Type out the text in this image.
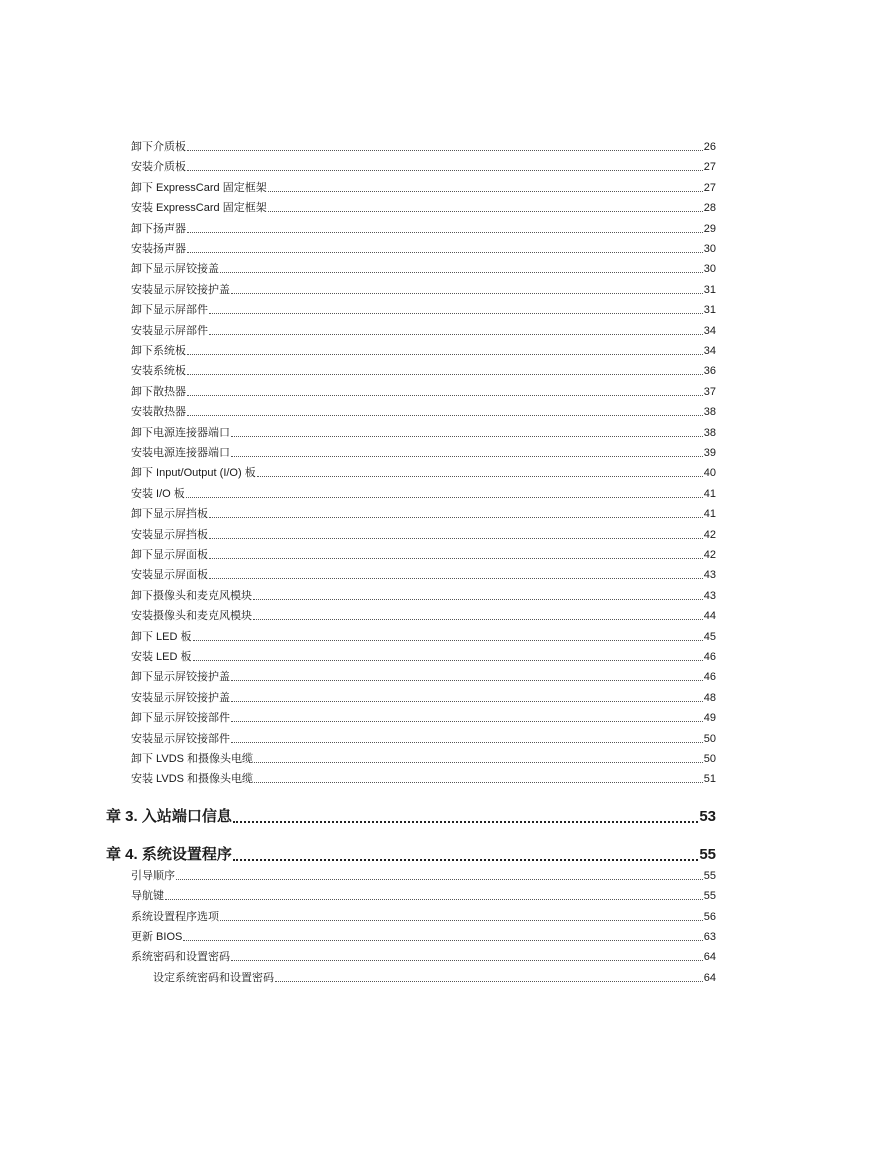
卸下介质板	26
安装介质板	27
卸下 ExpressCard 固定框架	27
安装 ExpressCard 固定框架	28
卸下扬声器	29
安装扬声器	30
卸下显示屏铰接盖	30
安装显示屏铰接护盖	31
卸下显示屏部件	31
安装显示屏部件	34
卸下系统板	34
安装系统板	36
卸下散热器	37
安装散热器	38
卸下电源连接器端口	38
安装电源连接器端口	39
卸下 Input/Output (I/O) 板	40
安装 I/O 板	41
卸下显示屏挡板	41
安装显示屏挡板	42
卸下显示屏面板	42
安装显示屏面板	43
卸下摄像头和麦克风模块	43
安装摄像头和麦克风模块	44
卸下 LED 板	45
安装 LED 板	46
卸下显示屏铰接护盖	46
安装显示屏铰接护盖	48
卸下显示屏铰接部件	49
安装显示屏铰接部件	50
卸下 LVDS 和摄像头电缆	50
安装 LVDS 和摄像头电缆	51
章 3. 入站端口信息	53
章 4. 系统设置程序	55
引导顺序	55
导航键	55
系统设置程序选项	56
更新 BIOS	63
系统密码和设置密码	64
设定系统密码和设置密码	64
